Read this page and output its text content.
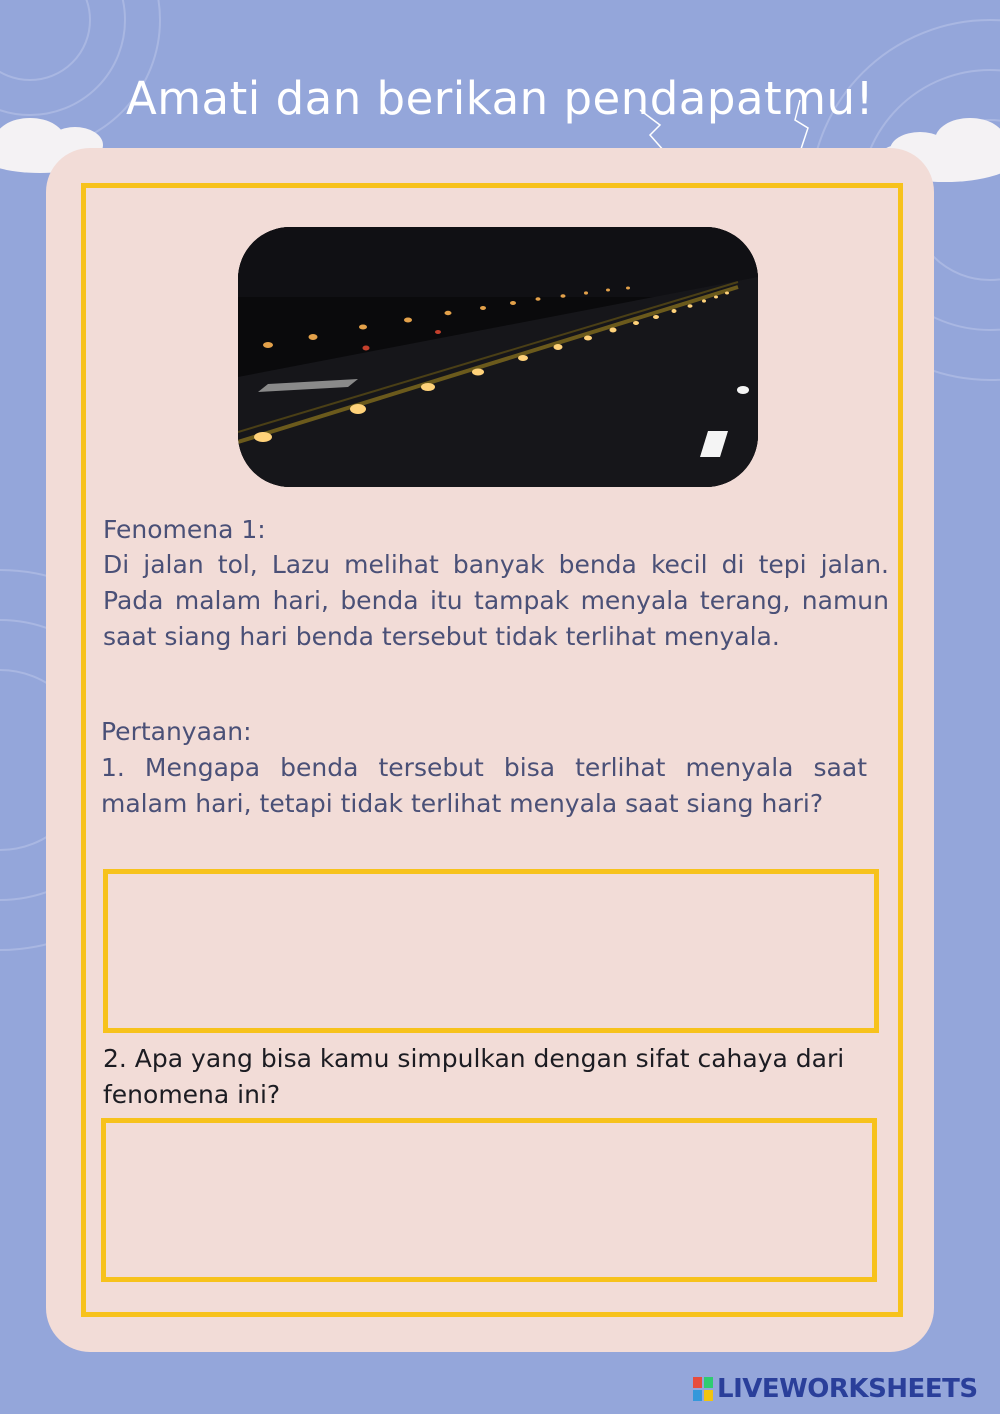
Amati dan berikan pendapatmu!
Fenomena 1:
Di jalan tol, Lazu melihat banyak benda kecil di tepi jalan. Pada malam hari, benda itu tampak menyala terang, namun saat siang hari benda tersebut tidak terlihat menyala.
Pertanyaan:
1. Mengapa benda tersebut bisa terlihat menyala saat malam hari, tetapi tidak terlihat menyala saat siang hari?
2. Apa yang bisa kamu simpulkan dengan sifat cahaya dari fenomena ini?
LIVEWORKSHEETS
